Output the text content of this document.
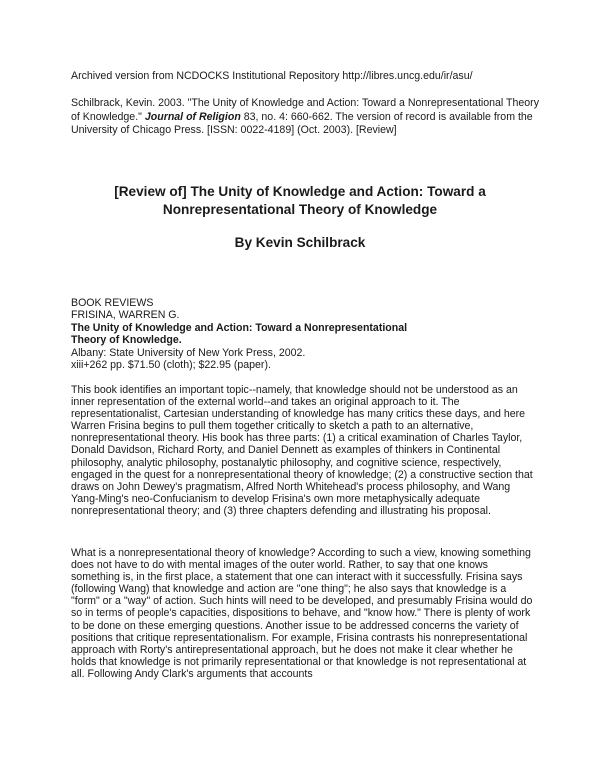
Archived version from NCDOCKS Institutional Repository http://libres.uncg.edu/ir/asu/
Schilbrack, Kevin. 2003. "The Unity of Knowledge and Action: Toward a Nonrepresentational Theory of Knowledge." Journal of Religion 83, no. 4: 660-662. The version of record is available from the University of Chicago Press. [ISSN: 0022-4189] (Oct. 2003). [Review]
[Review of] The Unity of Knowledge and Action: Toward a
Nonrepresentational Theory of Knowledge
By Kevin Schilbrack
BOOK REVIEWS
FRISINA, WARREN G.
The Unity of Knowledge and Action: Toward a Nonrepresentational
Theory of Knowledge.
Albany: State University of New York Press, 2002.
xiii+262 pp. $71.50 (cloth); $22.95 (paper).

This book identifies an important topic--namely, that knowledge should not be understood as an inner representation of the external world--and takes an original approach to it. The representationalist, Cartesian understanding of knowledge has many critics these days, and here Warren Frisina begins to pull them together critically to sketch a path to an alternative, nonrepresentational theory. His book has three parts: (1) a critical examination of Charles Taylor, Donald Davidson, Richard Rorty, and Daniel Dennett as examples of thinkers in Continental philosophy, analytic philosophy, postanalytic philosophy, and cognitive science, respectively, engaged in the quest for a nonrepresentational theory of knowledge; (2) a constructive section that draws on John Dewey's pragmatism, Alfred North Whitehead's process philosophy, and Wang Yang-Ming's neo-Confucianism to develop Frisina's own more metaphysically adequate nonrepresentational theory; and (3) three chapters defending and illustrating his proposal.

What is a nonrepresentational theory of knowledge? According to such a view, knowing something does not have to do with mental images of the outer world. Rather, to say that one knows something is, in the first place, a statement that one can interact with it successfully. Frisina says (following Wang) that knowledge and action are "one thing"; he also says that knowledge is a "form" or a "way" of action. Such hints will need to be developed, and presumably Frisina would do so in terms of people's capacities, dispositions to behave, and "know how." There is plenty of work to be done on these emerging questions. Another issue to be addressed concerns the variety of positions that critique representationalism. For example, Frisina contrasts his nonrepresentational approach with Rorty's antirepresentational approach, but he does not make it clear whether he holds that knowledge is not primarily representational or that knowledge is not representational at all. Following Andy Clark's arguments that accounts
